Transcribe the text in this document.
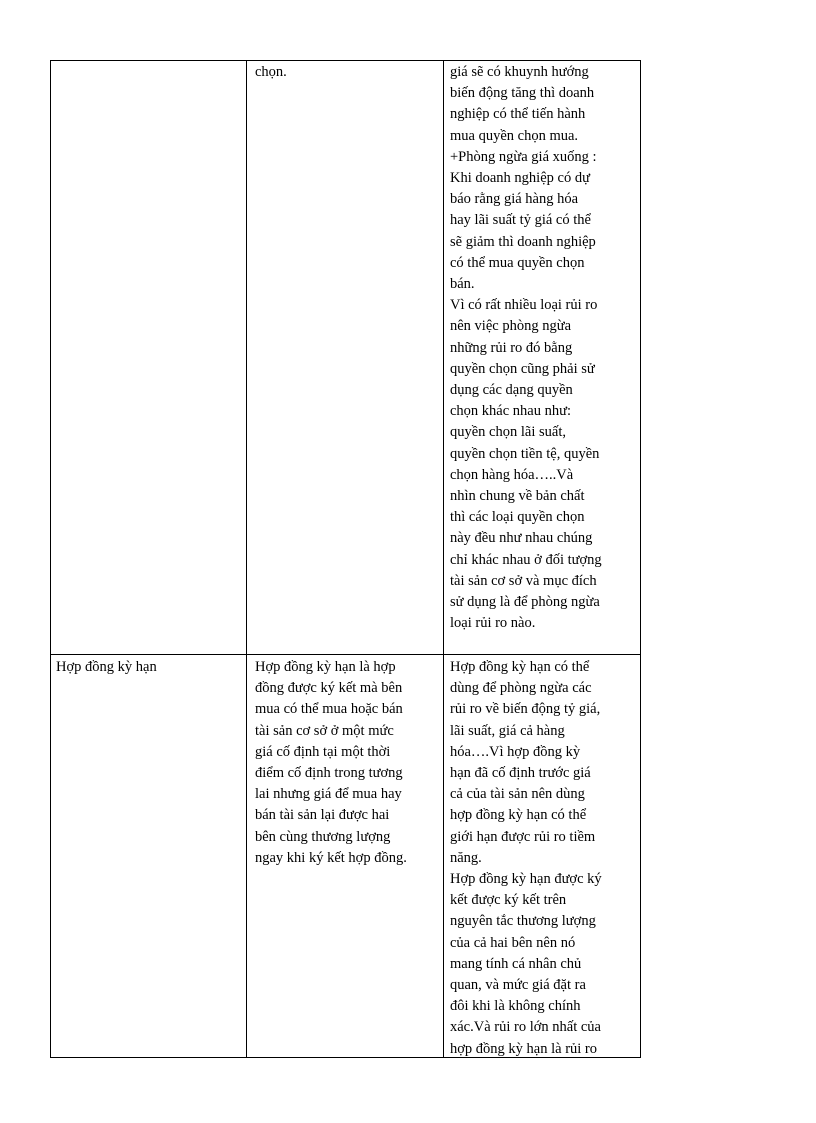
chọn.	giá sẽ có khuynh hướng
biến động tăng thì doanh
nghiệp có thể tiến hành
mua quyền chọn mua.
+Phòng ngừa giá xuống :
Khi doanh nghiệp có dự
báo rằng giá hàng hóa
hay lãi suất tỷ giá có thể
sẽ giảm thì doanh nghiệp
có thể mua quyền chọn
bán.
Vì có rất nhiều loại rủi ro
nên việc phòng ngừa
những rủi ro đó bằng
quyền chọn cũng phải sử
dụng các dạng quyền
chọn khác nhau như:
quyền chọn lãi suất,
quyền chọn tiền tệ, quyền
chọn hàng hóa…..Và
nhìn chung về bản chất
thì các loại quyền chọn
này đều như nhau chúng
chỉ khác nhau ở đối tượng
tài sản cơ sở và mục đích
sử dụng là để phòng ngừa
loại rủi ro nào.
Hợp đồng kỳ hạn	Hợp đồng kỳ hạn là hợp
đồng được ký kết mà bên
mua có thể mua hoặc bán
tài sản cơ sở ở một mức
giá cố định tại một thời
điểm cố định trong tương
lai nhưng giá để mua hay
bán tài sản lại được hai
bên cùng thương lượng
ngay khi ký kết hợp đồng.
Hợp đồng kỳ hạn có thể
dùng để phòng ngừa các
rủi ro về biến động tỷ giá,
lãi suất, giá cả hàng
hóa….Vì hợp đồng kỳ
hạn đã cố định trước giá
cả của tài sản nên dùng
hợp đồng kỳ hạn có thể
giới hạn được rủi ro tiềm
năng.
Hợp đồng kỳ hạn được ký
kết được ký kết trên
nguyên tắc thương lượng
của cả hai bên nên nó
mang tính cá nhân chủ
quan, và mức giá đặt ra
đôi khi là không chính
xác.Và rủi ro lớn nhất của
hợp đồng kỳ hạn là rủi ro
